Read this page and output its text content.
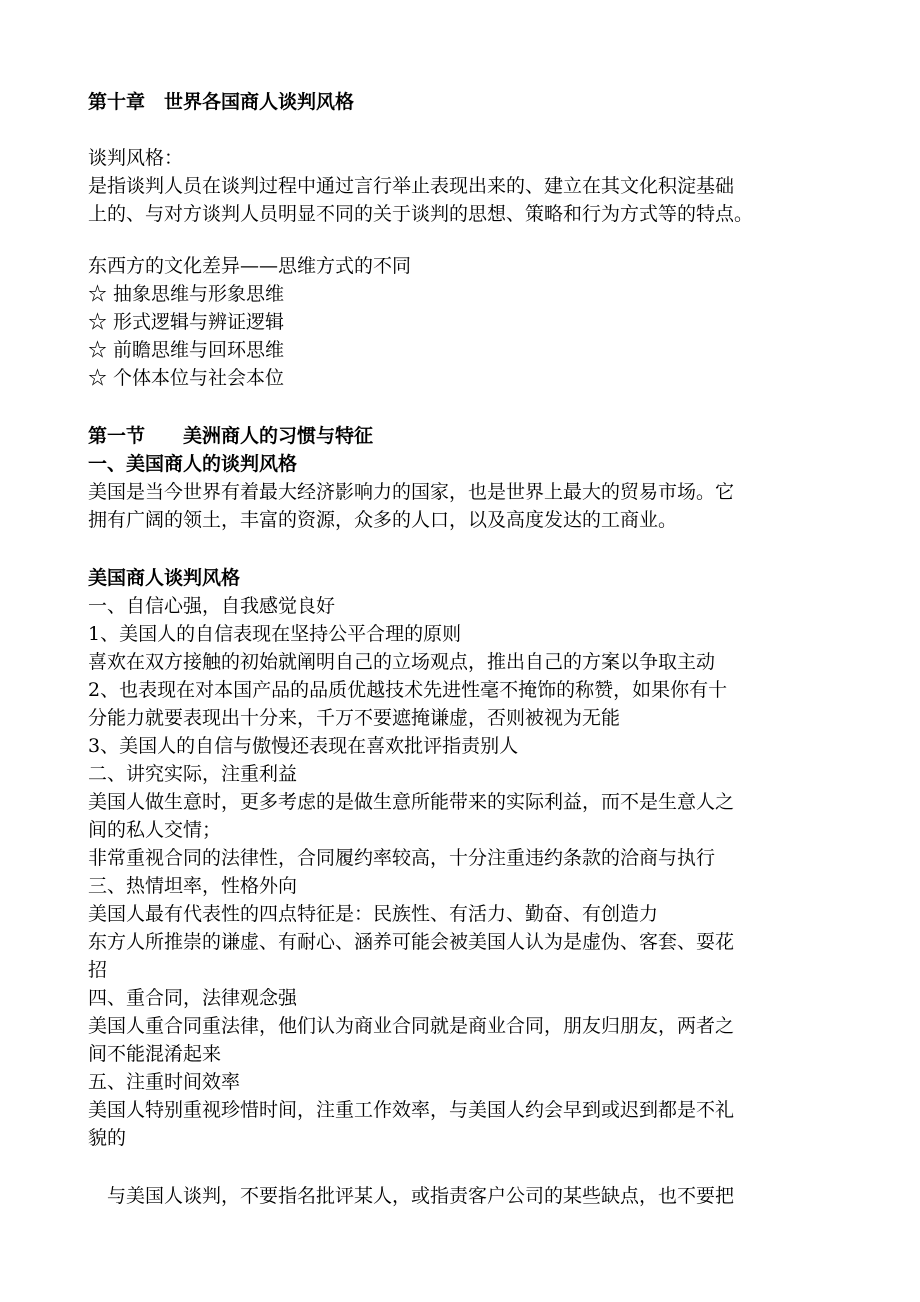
第十章　世界各国商人谈判风格
谈判风格：
是指谈判人员在谈判过程中通过言行举止表现出来的、建立在其文化积淀基础
上的、与对方谈判人员明显不同的关于谈判的思想、策略和行为方式等的特点。
东西方的文化差异——思维方式的不同
☆ 抽象思维与形象思维
☆ 形式逻辑与辨证逻辑
☆ 前瞻思维与回环思维
☆ 个体本位与社会本位
第一节　　美洲商人的习惯与特征
一、美国商人的谈判风格
美国是当今世界有着最大经济影响力的国家，也是世界上最大的贸易市场。它
拥有广阔的领土，丰富的资源，众多的人口，以及高度发达的工商业。
美国商人谈判风格
一、自信心强，自我感觉良好
1、美国人的自信表现在坚持公平合理的原则
喜欢在双方接触的初始就阐明自己的立场观点，推出自己的方案以争取主动
2、也表现在对本国产品的品质优越技术先进性毫不掩饰的称赞，如果你有十
分能力就要表现出十分来，千万不要遮掩谦虚，否则被视为无能
3、美国人的自信与傲慢还表现在喜欢批评指责别人
二、讲究实际，注重利益
美国人做生意时，更多考虑的是做生意所能带来的实际利益，而不是生意人之
间的私人交情；
非常重视合同的法律性，合同履约率较高，十分注重违约条款的洽商与执行
三、热情坦率，性格外向
美国人最有代表性的四点特征是：民族性、有活力、勤奋、有创造力
东方人所推崇的谦虚、有耐心、涵养可能会被美国人认为是虚伪、客套、耍花
招
四、重合同，法律观念强
美国人重合同重法律，他们认为商业合同就是商业合同，朋友归朋友，两者之
间不能混淆起来
五、注重时间效率
美国人特别重视珍惜时间，注重工作效率，与美国人约会早到或迟到都是不礼
貌的
　与美国人谈判，不要指名批评某人，或指责客户公司的某些缺点，也不要把
